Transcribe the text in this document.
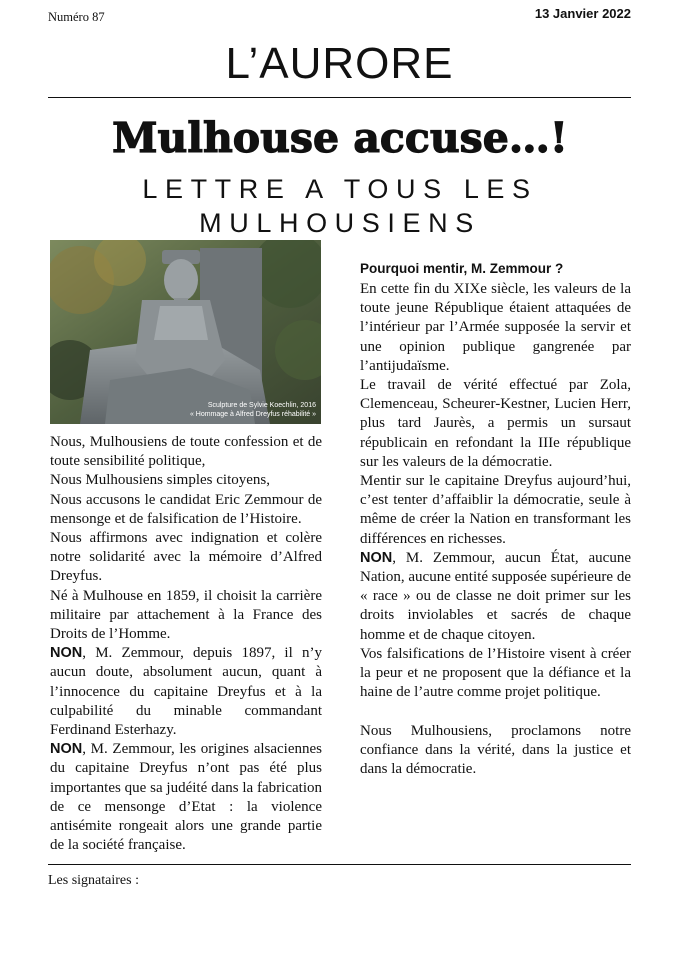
Numéro 87	13 Janvier 2022
L’AURORE
Mulhouse accuse…!
LETTRE A TOUS LES MULHOUSIENS
Sculpture de Sylvie Koechlin, 2016
« Hommage à Alfred Dreyfus réhabilité »

Nous, Mulhousiens de toute confession et de toute sensibilité politique,

Nous Mulhousiens simples citoyens,

Nous accusons le candidat Eric Zemmour de mensonge et de falsification de l’Histoire.

Nous affirmons avec indignation et colère notre solidarité avec la mémoire d’Alfred Dreyfus.

Né à Mulhouse en 1859, il choisit la carrière militaire par attachement à la France des Droits de l’Homme.

NON, M. Zemmour, depuis 1897, il n’y aucun doute, absolument aucun, quant à l’innocence du capitaine Dreyfus et à la culpabilité du minable commandant Ferdinand Esterhazy.

NON, M. Zemmour, les origines alsaciennes du capitaine Dreyfus n’ont pas été plus importantes que sa judéité dans la fabrication de ce mensonge d’Etat : la violence antisémite rongeait alors une grande partie de la société française.

Pourquoi mentir, M. Zemmour ?

En cette fin du XIXe siècle, les valeurs de la toute jeune République étaient attaquées de l’intérieur par l’Armée supposée la servir et une opinion publique gangrenée par l’antijudaïsme.

Le travail de vérité effectué par Zola, Clemenceau, Scheurer-Kestner, Lucien Herr, plus tard Jaurès, a permis un sursaut républicain en refondant la IIIe république sur les valeurs de la démocratie.

Mentir sur le capitaine Dreyfus aujourd’hui, c’est tenter d’affaiblir la démocratie, seule à même de créer la Nation en transformant les différences en richesses.

NON, M. Zemmour, aucun État, aucune Nation, aucune entité supposée supérieure de « race » ou de classe ne doit primer sur les droits inviolables et sacrés de chaque homme et de chaque citoyen.

Vos falsifications de l’Histoire visent à créer la peur et ne proposent que la défiance et la haine de l’autre comme projet politique.

Nous Mulhousiens, proclamons notre confiance dans la vérité, dans la justice et dans la démocratie.

Les signataires :
